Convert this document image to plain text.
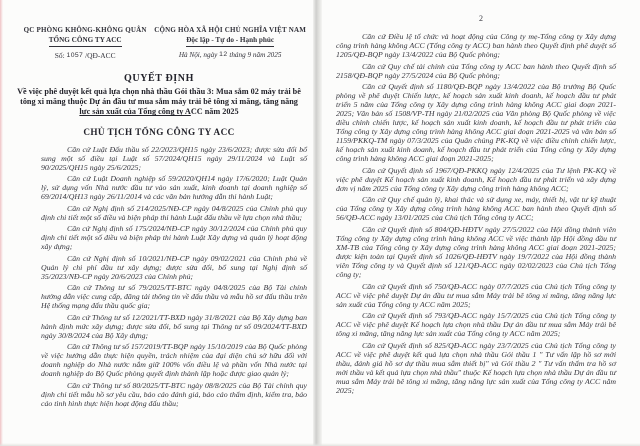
QC PHÒNG KHÔNG-KHÔNG QUÂN
TỔNG CÔNG TY ACC
Số: 1057 /QĐ-ACC
CỘNG HÒA XÃ HỘI CHỦ NGHĨA VIỆT NAM
Độc lập - Tự do - Hạnh phúc
Hà Nội, ngày 12 tháng 9 năm 2025
QUYẾT ĐỊNH
Về việc phê duyệt kết quả lựa chọn nhà thầu Gói thầu 3: Mua sắm 02 máy trải bê tông xi măng thuộc Dự án đầu tư mua sắm máy trải bê tông xi măng, tăng năng lực sản xuất của Tổng công ty ACC năm 2025
CHỦ TỊCH TỔNG CÔNG TY ACC

Căn cứ Luật Đấu thầu số 22/2023/QH15 ngày 23/6/2023; được sửa đổi bổ sung một số điều tại Luật số 57/2024/QH15 ngày 29/11/2024 và Luật số 90/2025/QH15 ngày 25/6/2025;

Căn cứ Luật Doanh nghiệp số 59/2020/QH14 ngày 17/6/2020; Luật Quản lý, sử dụng vốn Nhà nước đầu tư vào sản xuất, kinh doanh tại doanh nghiệp số 69/2014/QH13 ngày 26/11/2014 và các văn bản hướng dẫn thi hành Luật;

Căn cứ Nghị định số 214/2025/NĐ-CP ngày 04/8/2025 của Chính phủ quy định chi tiết một số điều và biện pháp thi hành Luật đấu thầu về lựa chọn nhà thầu;

Căn cứ Nghị định số 175/2024/NĐ-CP ngày 30/12/2024 của Chính phủ quy định chi tiết một số điều và biện pháp thi hành Luật Xây dựng và quản lý hoạt động xây dựng;

Căn cứ Nghị định số 10/2021/NĐ-CP ngày 09/02/2021 của Chính phủ về Quản lý chi phí đầu tư xây dựng; được sửa đổi, bổ sung tại Nghị định số 35/2023/NĐ-CP ngày 20/6/2023 của Chính phủ;

Căn cứ Thông tư số 79/2025/TT-BTC ngày 04/8/2025 của Bộ Tài chính hướng dẫn việc cung cấp, đăng tải thông tin về đấu thầu và mẫu hồ sơ đấu thầu trên Hệ thống mạng đấu thầu quốc gia;

Căn cứ Thông tư số 12/2021/TT-BXD ngày 31/8/2021 của Bộ Xây dựng ban hành định mức xây dựng; được sửa đổi, bổ sung tại Thông tư số 09/2024/TT-BXD ngày 30/8/2024 của Bộ Xây dựng;

Căn cứ Thông tư số 157/2019/TT-BQP ngày 15/10/2019 của Bộ Quốc phòng về việc hướng dẫn thực hiện quyền, trách nhiệm của đại diện chủ sở hữu đối với doanh nghiệp do Nhà nước nắm giữ 100% vốn điều lệ và phần vốn Nhà nước tại doanh nghiệp do Bộ Quốc phòng quyết định thành lập hoặc được giao quản lý;

Căn cứ Thông tư số 80/2025/TT-BTC ngày 08/8/2025 của Bộ Tài chính quy định chi tiết mẫu hồ sơ yêu cầu, báo cáo đánh giá, báo cáo thẩm định, kiểm tra, báo cáo tình hình thực hiện hoạt động đấu thầu;

2

Căn cứ Điều lệ tổ chức và hoạt động của Công ty mẹ-Tổng công ty Xây dựng công trình hàng không ACC (Tổng công ty ACC) ban hành theo Quyết định phê duyệt số 1205/QĐ-BQP ngày 13/4/2022 của Bộ Quốc phòng;

Căn cứ Quy chế tài chính của Tổng công ty ACC ban hành theo Quyết định số 2158/QĐ-BQP ngày 27/5/2024 của Bộ Quốc phòng;

Căn cứ Quyết định số 1180/QĐ-BQP ngày 13/4/2022 của Bộ trưởng Bộ Quốc phòng về phê duyệt Chiến lược, kế hoạch sản xuất kinh doanh, kế hoạch đầu tư phát triển 5 năm của Tổng công ty Xây dựng công trình hàng không ACC giai đoạn 2021-2025; Văn bản số 1508/VP-TH ngày 21/02/2025 của Văn phòng Bộ Quốc phòng về việc điều chỉnh chiến lược, kế hoạch sản xuất kinh doanh, kế hoạch đầu tư phát triển của Tổng công ty Xây dựng công trình hàng không ACC giai đoạn 2021-2025 và văn bản số 1159/PKKQ-TM ngày 07/3/2025 của Quân chủng PK-KQ về việc điều chỉnh chiến lược, kế hoạch sản xuất kinh doanh, kế hoạch đầu tư phát triển của Tổng công ty Xây dựng công trình hàng không ACC giai đoạn 2021-2025;

Căn cứ Quyết định số 1967/QĐ-PKKQ ngày 12/4/2025 của Tư lệnh PK-KQ về việc phê duyệt Kế hoạch sản xuất kinh doanh, Kế hoạch đầu tư phát triển và xây dựng đơn vị năm 2025 của Tổng công ty Xây dựng công trình hàng không ACC;

Căn cứ Quy chế quản lý, khai thác và sử dụng xe, máy, thiết bị, vật tư kỹ thuật của Tổng công ty Xây dựng công trình hàng không ACC ban hành theo Quyết định số 56/QĐ-ACC ngày 13/01/2025 của Chủ tịch Tổng công ty ACC;

Căn cứ Quyết định số 804/QĐ-HĐTV ngày 27/5/2022 của Hội đồng thành viên Tổng công ty Xây dựng công trình hàng không ACC về việc thành lập Hội đồng đầu tư XM-TB của Tổng công ty Xây dựng công trình hàng không ACC giai đoạn 2021-2025; được kiện toàn tại Quyết định số 1026/QĐ-HĐTV ngày 19/7/2022 của Hội đồng thành viên Tổng công ty và Quyết định số 121/QĐ-ACC ngày 02/02/2023 của Chủ tịch Tổng công ty;

Căn cứ Quyết định số 750/QĐ-ACC ngày 07/7/2025 của Chủ tịch Tổng công ty ACC về việc phê duyệt Dự án đầu tư mua sắm Máy trải bê tông xi măng, tăng năng lực sản xuất của Tổng công ty ACC năm 2025;

Căn cứ Quyết định số 793/QĐ-ACC ngày 15/7/2025 của Chủ tịch Tổng công ty ACC về việc phê duyệt Kế hoạch lựa chọn nhà thầu Dự án đầu tư mua sắm Máy trải bê tông xi măng, tăng năng lực sản xuất của Tổng công ty ACC năm 2025;

Căn cứ Quyết định số 825/QĐ-ACC ngày 23/7/2025 của Chủ tịch Tổng công ty ACC về việc phê duyệt kết quả lựa chọn nhà thầu Gói thầu 1 " Tư vấn lập hồ sơ mời thầu, đánh giá hồ sơ dự thầu mua sắm thiết bị" và Gói thầu 2 " Tư vấn thẩm tra hồ sơ mời thầu và kết quả lựa chọn nhà thầu" thuộc Kế hoạch lựa chọn nhà thầu Dự án đầu tư mua sắm Máy trải bê tông xi măng, tăng năng lực sản xuất của Tổng công ty ACC năm 2025;
